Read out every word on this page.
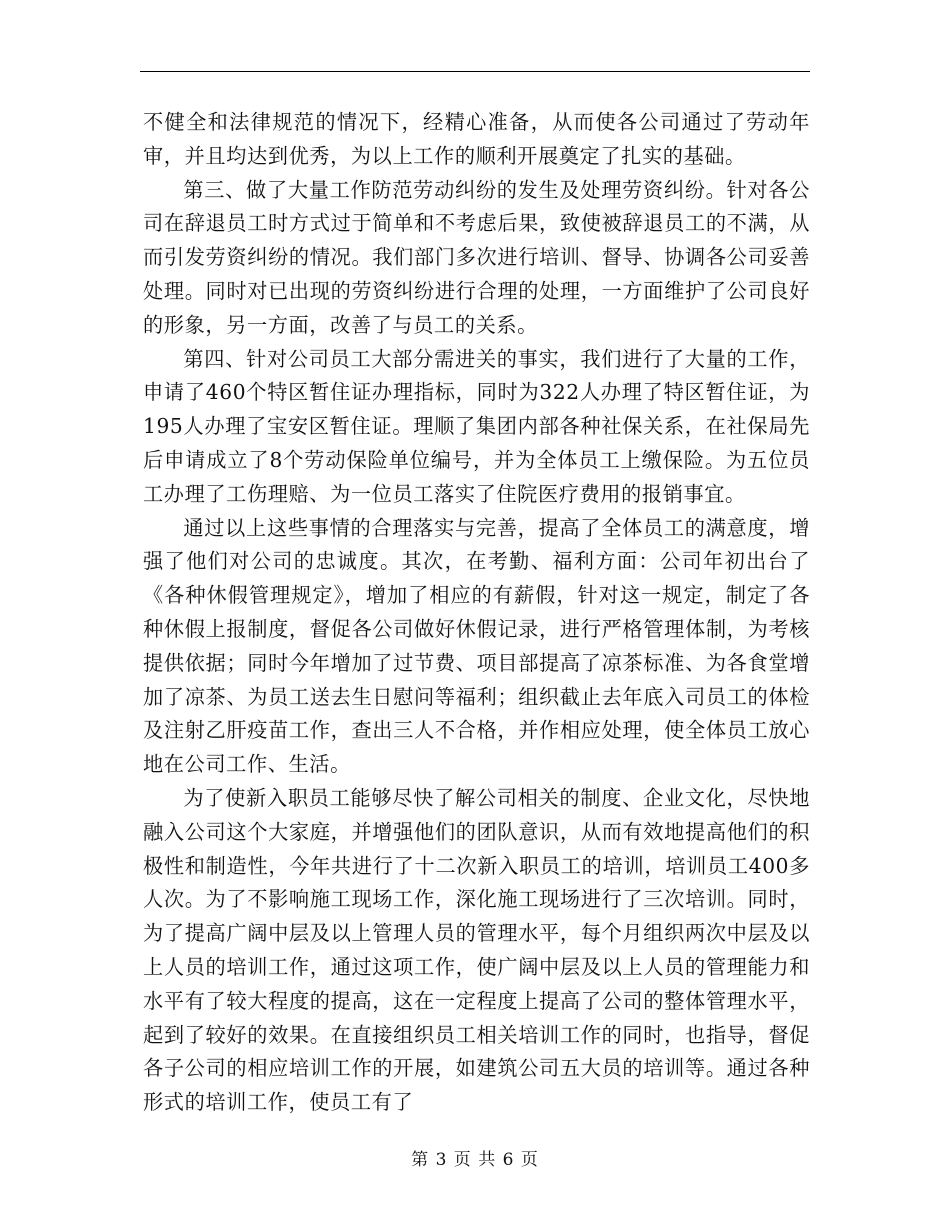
不健全和法律规范的情况下，经精心准备，从而使各公司通过了劳动年审，并且均达到优秀，为以上工作的顺利开展奠定了扎实的基础。

第三、做了大量工作防范劳动纠纷的发生及处理劳资纠纷。针对各公司在辞退员工时方式过于简单和不考虑后果，致使被辞退员工的不满，从而引发劳资纠纷的情况。我们部门多次进行培训、督导、协调各公司妥善处理。同时对已出现的劳资纠纷进行合理的处理，一方面维护了公司良好的形象，另一方面，改善了与员工的关系。

第四、针对公司员工大部分需进关的事实，我们进行了大量的工作，申请了460个特区暂住证办理指标，同时为322人办理了特区暂住证，为195人办理了宝安区暂住证。理顺了集团内部各种社保关系，在社保局先后申请成立了8个劳动保险单位编号，并为全体员工上缴保险。为五位员工办理了工伤理赔、为一位员工落实了住院医疗费用的报销事宜。

通过以上这些事情的合理落实与完善，提高了全体员工的满意度，增强了他们对公司的忠诚度。其次，在考勤、福利方面：公司年初出台了《各种休假管理规定》，增加了相应的有薪假，针对这一规定，制定了各种休假上报制度，督促各公司做好休假记录，进行严格管理体制，为考核提供依据；同时今年增加了过节费、项目部提高了凉茶标准、为各食堂增加了凉茶、为员工送去生日慰问等福利；组织截止去年底入司员工的体检及注射乙肝疫苗工作，查出三人不合格，并作相应处理，使全体员工放心地在公司工作、生活。

为了使新入职员工能够尽快了解公司相关的制度、企业文化，尽快地融入公司这个大家庭，并增强他们的团队意识，从而有效地提高他们的积极性和制造性，今年共进行了十二次新入职员工的培训，培训员工400多人次。为了不影响施工现场工作，深化施工现场进行了三次培训。同时，为了提高广阔中层及以上管理人员的管理水平，每个月组织两次中层及以上人员的培训工作，通过这项工作，使广阔中层及以上人员的管理能力和水平有了较大程度的提高，这在一定程度上提高了公司的整体管理水平，起到了较好的效果。在直接组织员工相关培训工作的同时，也指导，督促各子公司的相应培训工作的开展，如建筑公司五大员的培训等。通过各种形式的培训工作，使员工有了

第 3 页 共 6 页
